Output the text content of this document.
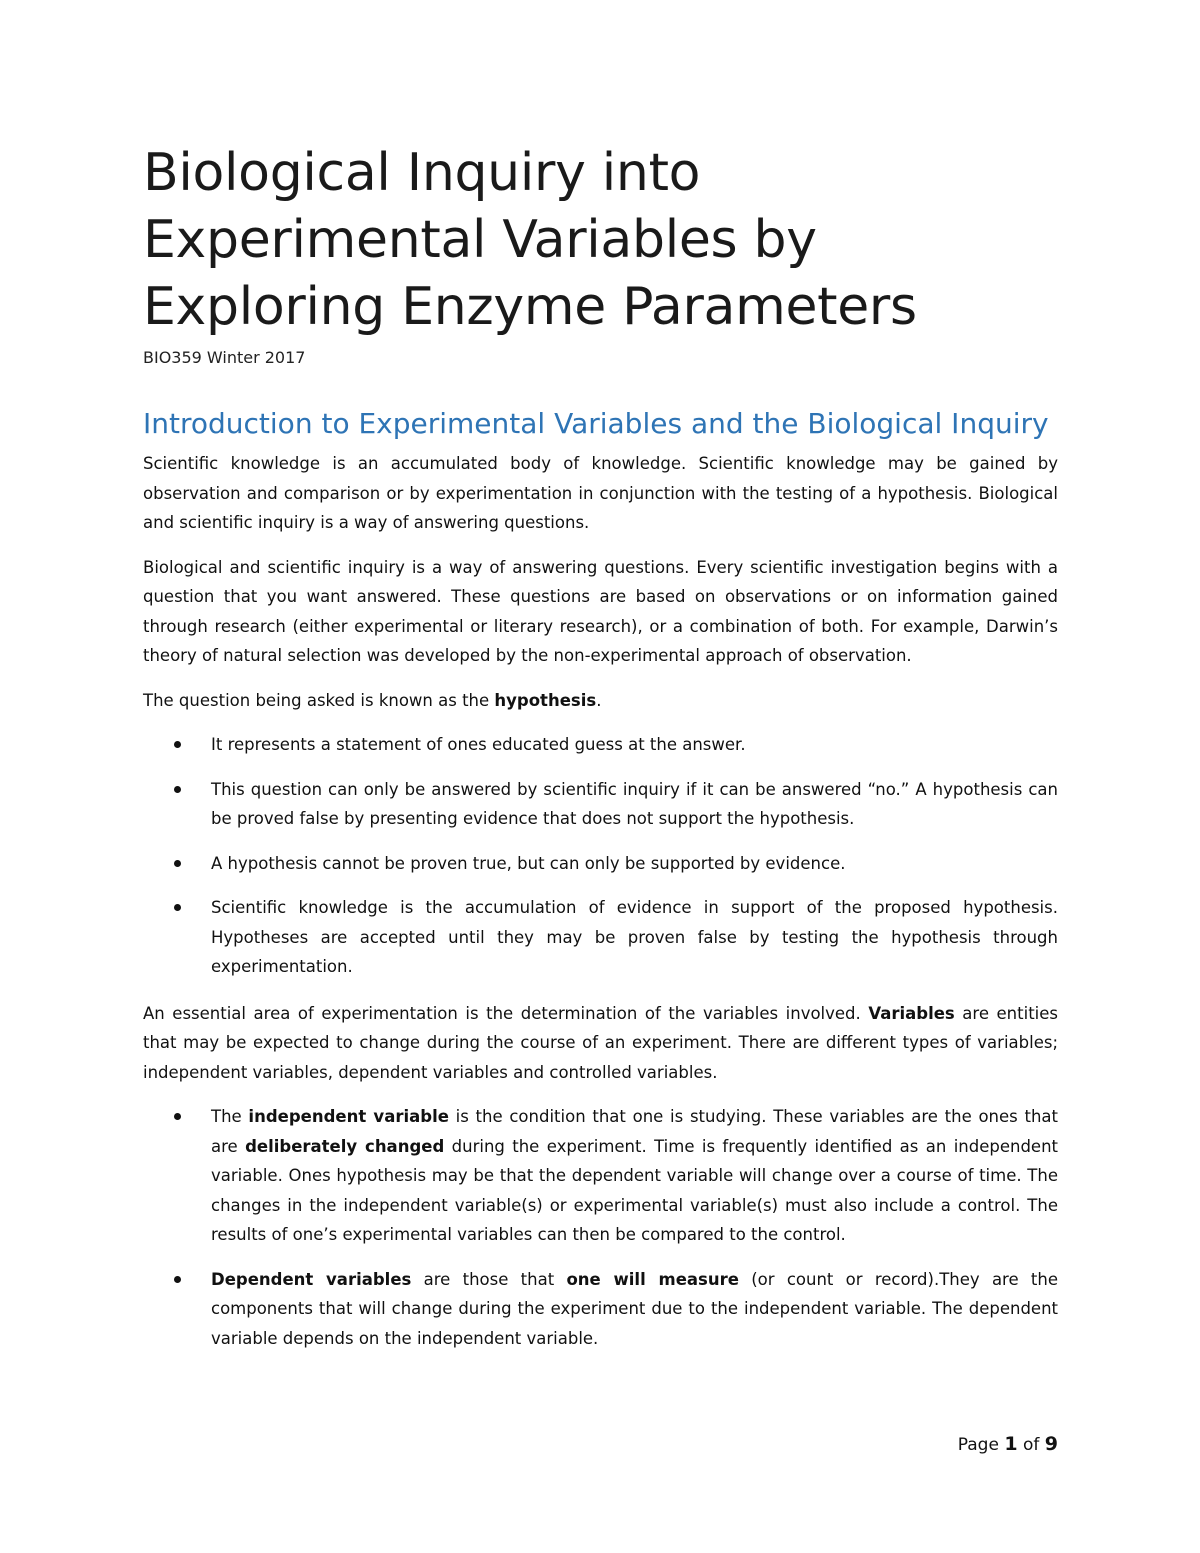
Biological Inquiry into
Experimental Variables by
Exploring Enzyme Parameters

BIO359 Winter 2017

Introduction to Experimental Variables and the Biological Inquiry

Scientific knowledge is an accumulated body of knowledge. Scientific knowledge may be gained by observation and comparison or by experimentation in conjunction with the testing of a hypothesis. Biological and scientific inquiry is a way of answering questions.

Biological and scientific inquiry is a way of answering questions. Every scientific investigation begins with a question that you want answered. These questions are based on observations or on information gained through research (either experimental or literary research), or a combination of both. For example, Darwin’s theory of natural selection was developed by the non-experimental approach of observation.

The question being asked is known as the hypothesis.

It represents a statement of ones educated guess at the answer.
This question can only be answered by scientific inquiry if it can be answered “no.” A hypothesis can be proved false by presenting evidence that does not support the hypothesis.
A hypothesis cannot be proven true, but can only be supported by evidence.
Scientific knowledge is the accumulation of evidence in support of the proposed hypothesis. Hypotheses are accepted until they may be proven false by testing the hypothesis through experimentation.

An essential area of experimentation is the determination of the variables involved. Variables are entities that may be expected to change during the course of an experiment. There are different types of variables; independent variables, dependent variables and controlled variables.

The independent variable is the condition that one is studying. These variables are the ones that are deliberately changed during the experiment. Time is frequently identified as an independent variable. Ones hypothesis may be that the dependent variable will change over a course of time. The changes in the independent variable(s) or experimental variable(s) must also include a control. The results of one’s experimental variables can then be compared to the control.
Dependent variables are those that one will measure (or count or record).They are the components that will change during the experiment due to the independent variable. The dependent variable depends on the independent variable.
Page 1 of 9
